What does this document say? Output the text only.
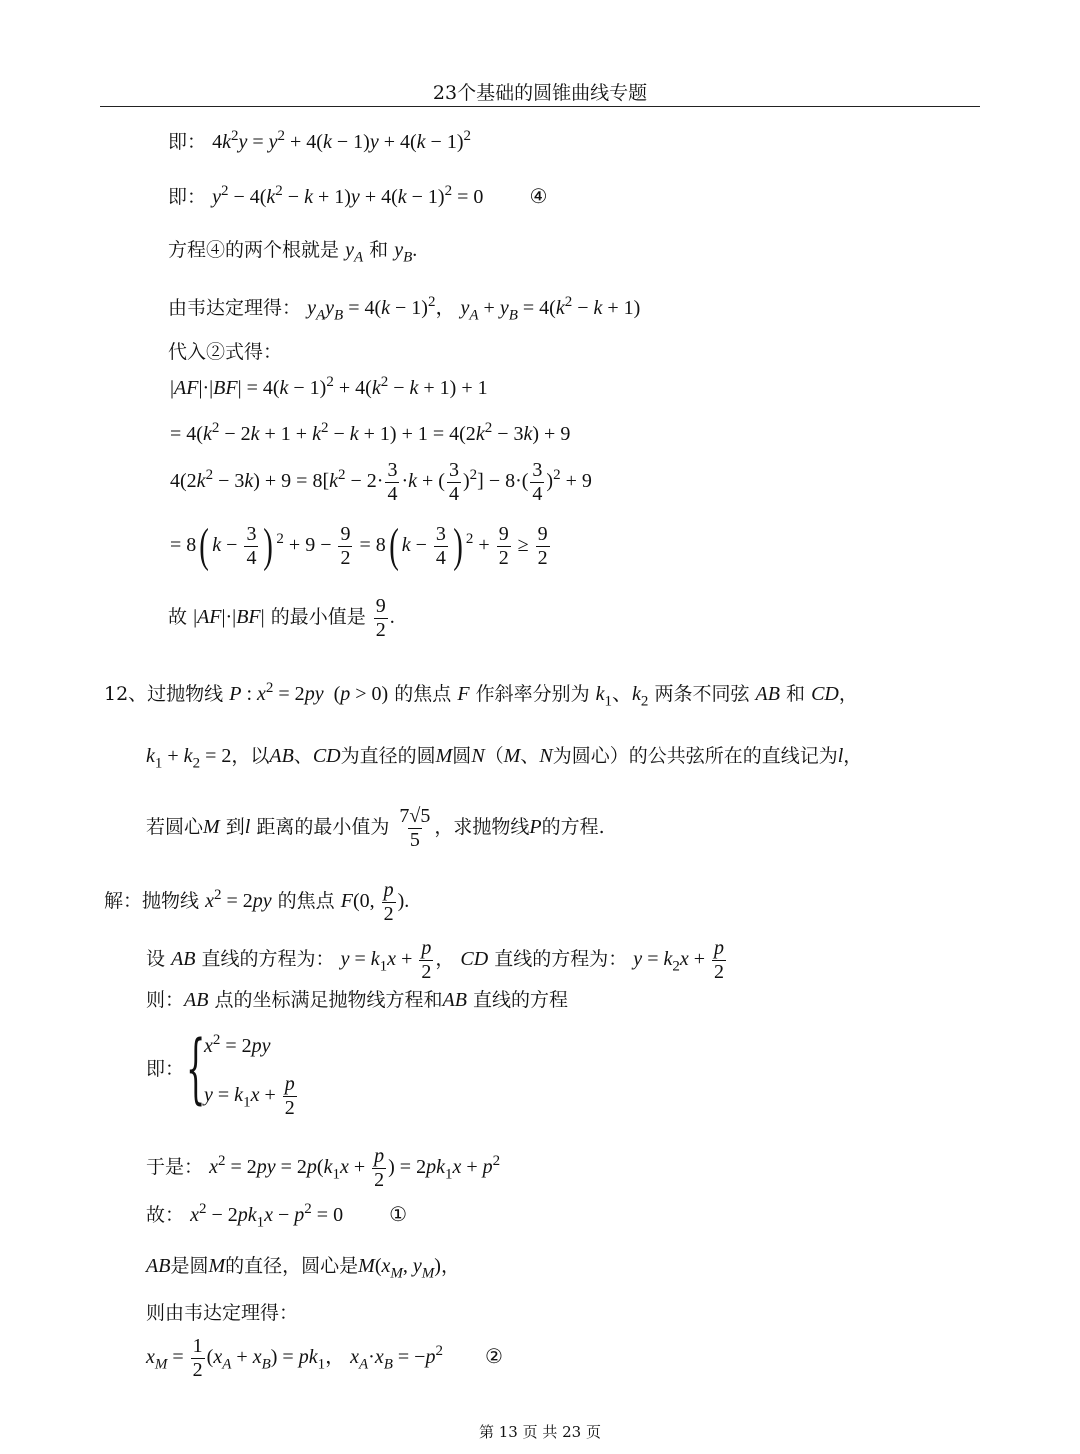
23个基础的圆锥曲线专题
即： $4k^2y = y^2 + 4(k - 1)y + 4(k - 1)^2$
即： $y^2 - 4(k^2 - k + 1)y + 4(k - 1)^2 = 0$ ④
方程④的两个根就是 $y_A$ 和 $y_B$.
由韦达定理得： $y_Ay_B = 4(k - 1)^2$， $y_A + y_B = 4(k^2 - k + 1)$
代入②式得：
$|AF|\cdot|BF| = 4(k - 1)^2 + 4(k^2 - k + 1) + 1$
= $4(k^2 - 2k + 1 + k^2 - k + 1) + 1 = 4(2k^2 - 3k) + 9$
$4(2k^2 - 3k) + 9 = 8[k^2 - 2\cdot \frac{3}{4} \cdot k$ + ( $\frac{3}{4} )^2] - 8\cdot( \frac{3}{4} )^2 + 9$
= 8( $k - \frac{3}{4}$ ) $^2 + 9 - \frac{9}{2} = 8$( $k - \frac{3}{4}$ ) $^2 + \frac{9}{2} \ge \frac{9}{2}$
故 |AF|·|BF| 的最小值是 $\frac{9}{2}$ .
12、过抛物线 P : $x^2 = 2py$  (p > 0) 的焦点 F 作斜率分别为 $k_1$、$k_2$ 两条不同弦 AB 和 CD，
$k_1 + k_2 = 2$，以AB、CD为直径的圆M圆N（M、N为圆心）的公共弦所在的直线记为l，
若圆心M 到l 距离的最小值为 $\frac{7√5}{5}$ ，求抛物线P的方程.
解：抛物线 $x^2 = 2py$ 的焦点 F(0, $\frac{p}{2}$ ).
设 AB 直线的方程为： $y = k_1x + \frac{p}{2}$ ， CD 直线的方程为： $y = k_2x + \frac{p}{2}$
则：AB 点的坐标满足抛物线方程和AB 直线的方程
即： {
$x^2 = 2py$
$y = k_1x + \frac{p}{2}$
于是： $x^2 = 2py = 2p(k_1x + \frac{p}{2}$ ) = $2pk_1x + p^2$
故： $x^2 - 2pk_1x - p^2 = 0$ ①
AB是圆M的直径，圆心是$M(x_M$, $y_M$)，
则由韦达定理得：
$x_M = \frac{1}{2} (x_A + x_B) = pk_1$， $x_A\cdot x_B = -p^2$ ②
第 13 页 共 23 页
